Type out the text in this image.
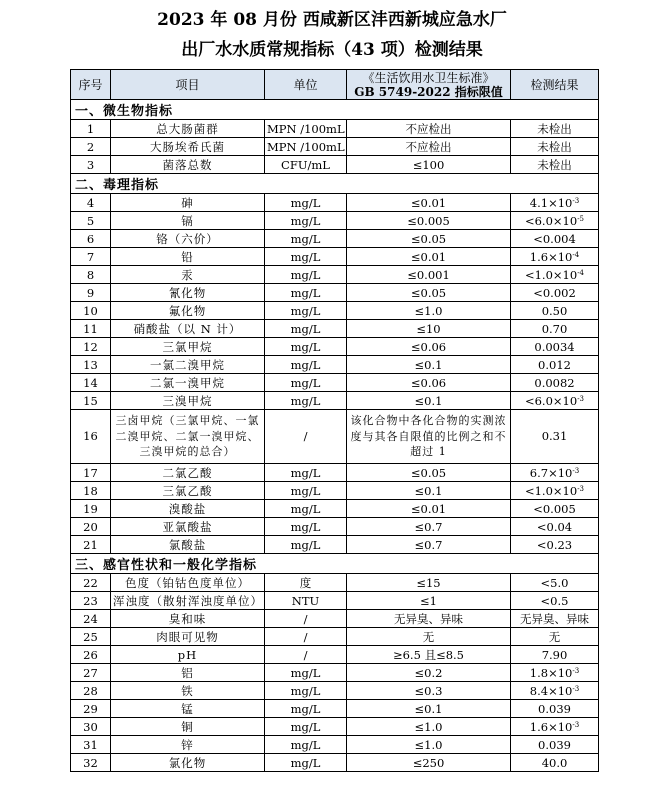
2023 年 08 月份 西咸新区沣西新城应急水厂
出厂水水质常规指标（43 项）检测结果
序号	项目	单位	《生活饮用水卫生标准》
GB 5749-2022 指标限值	检测结果
一、微生物指标				
1	总大肠菌群	MPN /100mL	不应检出	未检出
2	大肠埃希氏菌	MPN /100mL	不应检出	未检出
3	菌落总数	CFU/mL	≤100	未检出
二、毒理指标				
4	砷	mg/L	≤0.01	$4.1\times 10^{-3}$
5	镉	mg/L	≤0.005	$<6.0\times 10^{-5}$
6	铬（六价）	mg/L	≤0.05	<0.004
7	铅	mg/L	≤0.01	$1.6\times 10^{-4}$
8	汞	mg/L	≤0.001	$<1.0\times 10^{-4}$
9	氰化物	mg/L	≤0.05	<0.002
10	氟化物	mg/L	≤1.0	0.50
11	硝酸盐（以 N 计）	mg/L	≤10	0.70
12	三氯甲烷	mg/L	≤0.06	0.0034
13	一氯二溴甲烷	mg/L	≤0.1	0.012
14	二氯一溴甲烷	mg/L	≤0.06	0.0082
15	三溴甲烷	mg/L	≤0.1	$<6.0\times 10^{-3}$
16	三卤甲烷（三氯甲烷、一氯二溴甲烷、二氯一溴甲烷、三溴甲烷的总合）	/	该化合物中各化合物的实测浓度与其各自限值的比例之和不超过 1	0.31
17	二氯乙酸	mg/L	≤0.05	$6.7\times 10^{-3}$
18	三氯乙酸	mg/L	≤0.1	$<1.0\times 10^{-3}$
19	溴酸盐	mg/L	≤0.01	<0.005
20	亚氯酸盐	mg/L	≤0.7	<0.04
21	氯酸盐	mg/L	≤0.7	<0.23
三、感官性状和一般化学指标				
22	色度（铂钴色度单位）	度	≤15	<5.0
23	浑浊度（散射浑浊度单位）	NTU	≤1	<0.5
24	臭和味	/	无异臭、异味	无异臭、异味
25	肉眼可见物	/	无	无
26	pH	/	≥6.5 且≤8.5	7.90
27	铝	mg/L	≤0.2	$1.8\times 10^{-3}$
28	铁	mg/L	≤0.3	$8.4\times 10^{-3}$
29	锰	mg/L	≤0.1	0.039
30	铜	mg/L	≤1.0	$1.6\times 10^{-3}$
31	锌	mg/L	≤1.0	0.039
32	氯化物	mg/L	≤250	40.0
